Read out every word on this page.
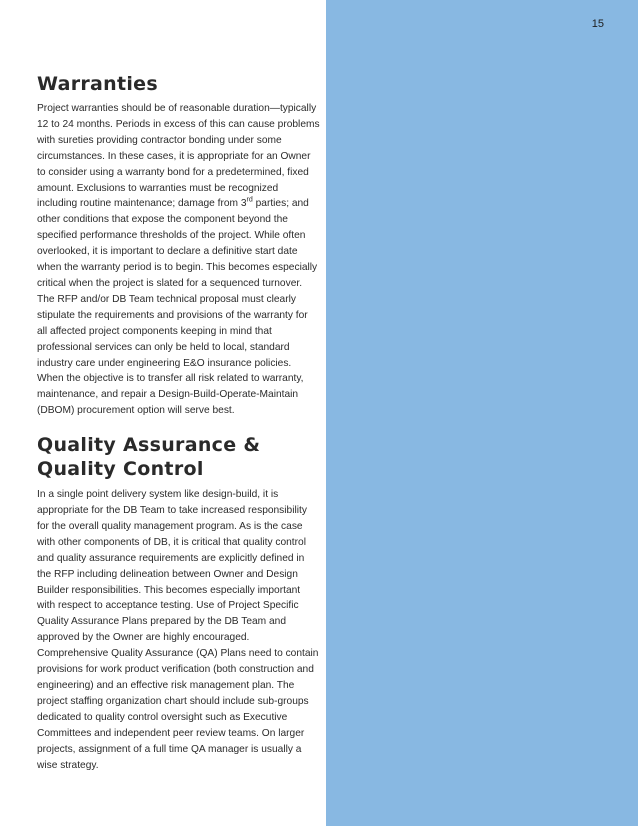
15
Warranties

Project warranties should be of reasonable duration—typically 12 to 24 months. Periods in excess of this can cause problems with sureties providing contractor bonding under some circumstances. In these cases, it is appropriate for an Owner to consider using a warranty bond for a predetermined, fixed amount. Exclusions to warranties must be recognized including routine maintenance; damage from 3rd parties; and other conditions that expose the component beyond the specified performance thresholds of the project. While often overlooked, it is important to declare a definitive start date when the warranty period is to begin. This becomes especially critical when the project is slated for a sequenced turnover. The RFP and/or DB Team technical proposal must clearly stipulate the requirements and provisions of the warranty for all affected project components keeping in mind that professional services can only be held to local, standard industry care under engineering E&O insurance policies. When the objective is to transfer all risk related to warranty, maintenance, and repair a Design-Build-Operate-Maintain (DBOM) procurement option will serve best.

Quality Assurance &
Quality Control

In a single point delivery system like design-build, it is appropriate for the DB Team to take increased responsibility for the overall quality management program. As is the case with other components of DB, it is critical that quality control and quality assurance requirements are explicitly defined in the RFP including delineation between Owner and Design Builder responsibilities. This becomes especially important with respect to acceptance testing. Use of Project Specific Quality Assurance Plans prepared by the DB Team and approved by the Owner are highly encouraged. Comprehensive Quality Assurance (QA) Plans need to contain provisions for work product verification (both construction and engineering) and an effective risk management plan. The project staffing organization chart should include sub-groups dedicated to quality control oversight such as Executive Committees and independent peer review teams. On larger projects, assignment of a full time QA manager is usually a wise strategy.
